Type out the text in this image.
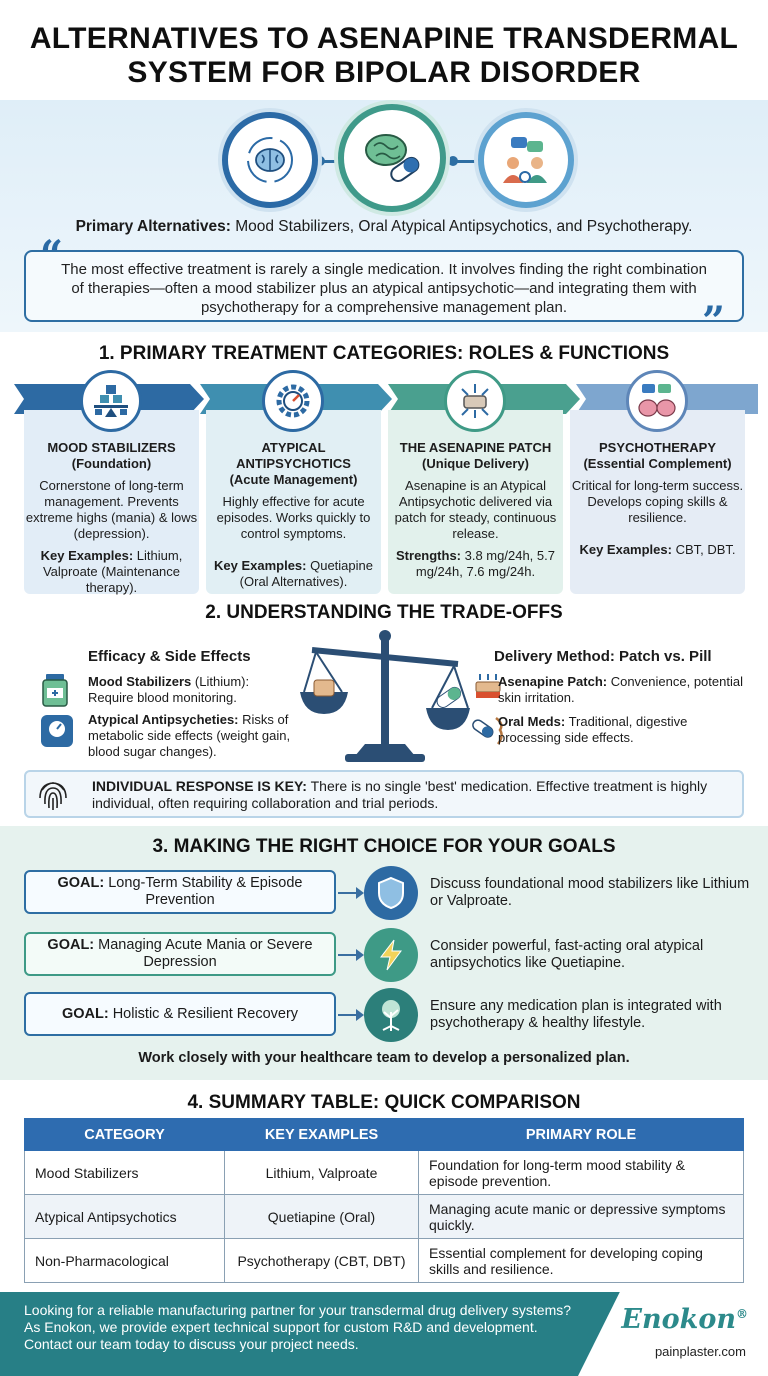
ALTERNATIVES TO ASENAPINE TRANSDERMAL
SYSTEM FOR BIPOLAR DISORDER
Primary Alternatives: Mood Stabilizers, Oral Atypical Antipsychotics, and Psychotherapy.
The most effective treatment is rarely a single medication. It involves finding the right combination of therapies—often a mood stabilizer plus an atypical antipsychotic—and integrating them with psychotherapy for a comprehensive management plan.
“
”
1. PRIMARY TREATMENT CATEGORIES: ROLES & FUNCTIONS
MOOD STABILIZERS
(Foundation)

Cornerstone of long-term management. Prevents extreme highs (mania) & lows (depression).

Key Examples: Lithium, Valproate (Maintenance therapy).

ATYPICAL ANTIPSYCHOTICS
(Acute Management)

Highly effective for acute episodes. Works quickly to control symptoms.

Key Examples: Quetiapine (Oral Alternatives).

THE ASENAPINE PATCH
(Unique Delivery)

Asenapine is an Atypical Antipsychotic delivered via patch for steady, continuous release.

Strengths: 3.8 mg/24h, 5.7 mg/24h, 7.6 mg/24h.

PSYCHOTHERAPY
(Essential Complement)

Critical for long-term success. Develops coping skills & resilience.

Key Examples: CBT, DBT.

2. UNDERSTANDING THE TRADE-OFFS
Efficacy & Side Effects
Mood Stabilizers (Lithium): Require blood monitoring.
Atypical Antipsycheties: Risks of metabolic side effects (weight gain, blood sugar changes).
Delivery Method: Patch vs. Pill
Asenapine Patch: Convenience, potential skin irritation.
Oral Meds: Traditional, digestive processing side effects.
INDIVIDUAL RESPONSE IS KEY: There is no single 'best' medication. Effective treatment is highly individual, often requiring collaboration and trial periods.
3. MAKING THE RIGHT CHOICE FOR YOUR GOALS
GOAL: Long-Term Stability & Episode Prevention
Discuss foundational mood stabilizers like Lithium or Valproate.
GOAL: Managing Acute Mania or Severe Depression
Consider powerful, fast-acting oral atypical antipsychotics like Quetiapine.
GOAL: Holistic & Resilient Recovery	Ensure any medication plan is integrated with psychotherapy & healthy lifestyle.
Work closely with your healthcare team to develop a personalized plan.
4. SUMMARY TABLE: QUICK COMPARISON
CATEGORY	KEY EXAMPLES	PRIMARY ROLE
Mood Stabilizers	Lithium, Valproate	Foundation for long-term mood stability & episode prevention.
Atypical Antipsychotics	Quetiapine (Oral)	Managing acute manic or depressive symptoms quickly.
Non-Pharmacological	Psychotherapy (CBT, DBT)	Essential complement for developing coping skills and resilience.
Looking for a reliable manufacturing partner for your transdermal drug delivery systems? As Enokon, we provide expert technical support for custom R&D and development. Contact our team today to discuss your project needs.
Enokon®
painplaster.com
